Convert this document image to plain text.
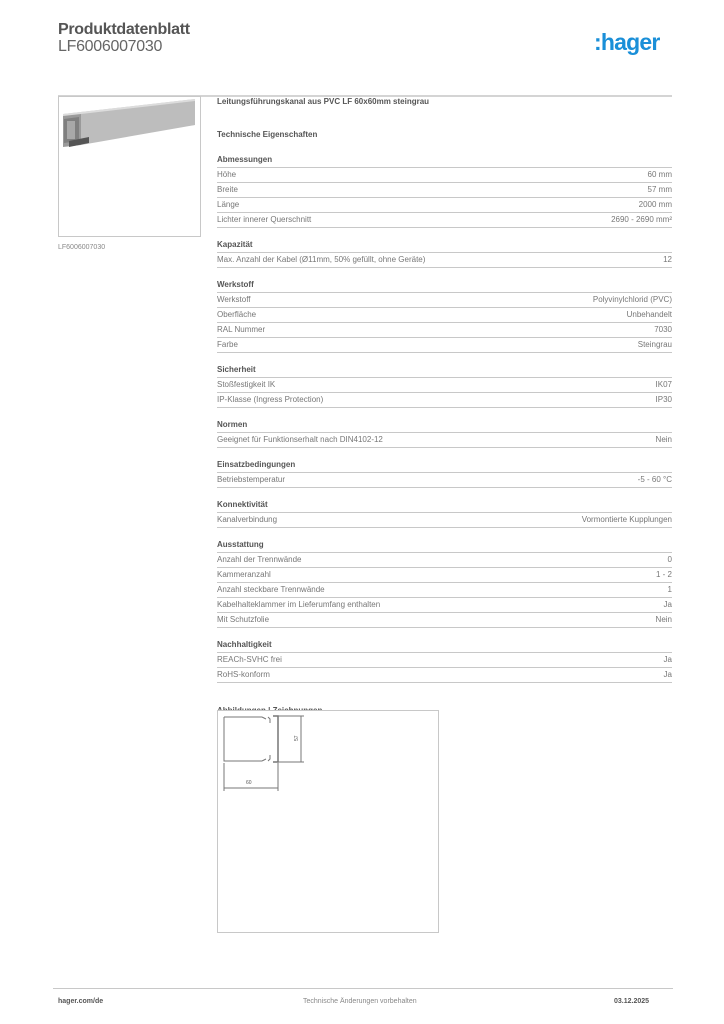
Produktdatenblatt
LF6006007030	:hager
LF6006007030
Leitungsführungskanal aus PVC LF 60x60mm steingrau
Technische Eigenschaften
Abmessungen
Höhe	60 mm
Breite	57 mm
Länge	2000 mm
Lichter innerer Querschnitt	2690 - 2690 mm²
Kapazität
Max. Anzahl der Kabel (Ø11mm, 50% gefüllt, ohne Geräte)	12
Werkstoff
Werkstoff	Polyvinylchlorid (PVC)
Oberfläche	Unbehandelt
RAL Nummer	7030
Farbe	Steingrau
Sicherheit
Stoßfestigkeit IK	IK07
IP-Klasse (Ingress Protection)	IP30
Normen
Geeignet für Funktionserhalt nach DIN4102-12	Nein
Einsatzbedingungen
Betriebstemperatur	-5 - 60 °C
Konnektivität
Kanalverbindung	Vormontierte Kupplungen
Ausstattung
Anzahl der Trennwände	0
Kammeranzahl	1 - 2
Anzahl steckbare Trennwände	1
Kabelhalteklammer im Lieferumfang enthalten	Ja
Mit Schutzfolie	Nein
Nachhaltigkeit
REACh-SVHC frei	Ja
RoHS-konform	Ja
57
60
hager.com/de	Technische Änderungen vorbehalten	03.12.2025
